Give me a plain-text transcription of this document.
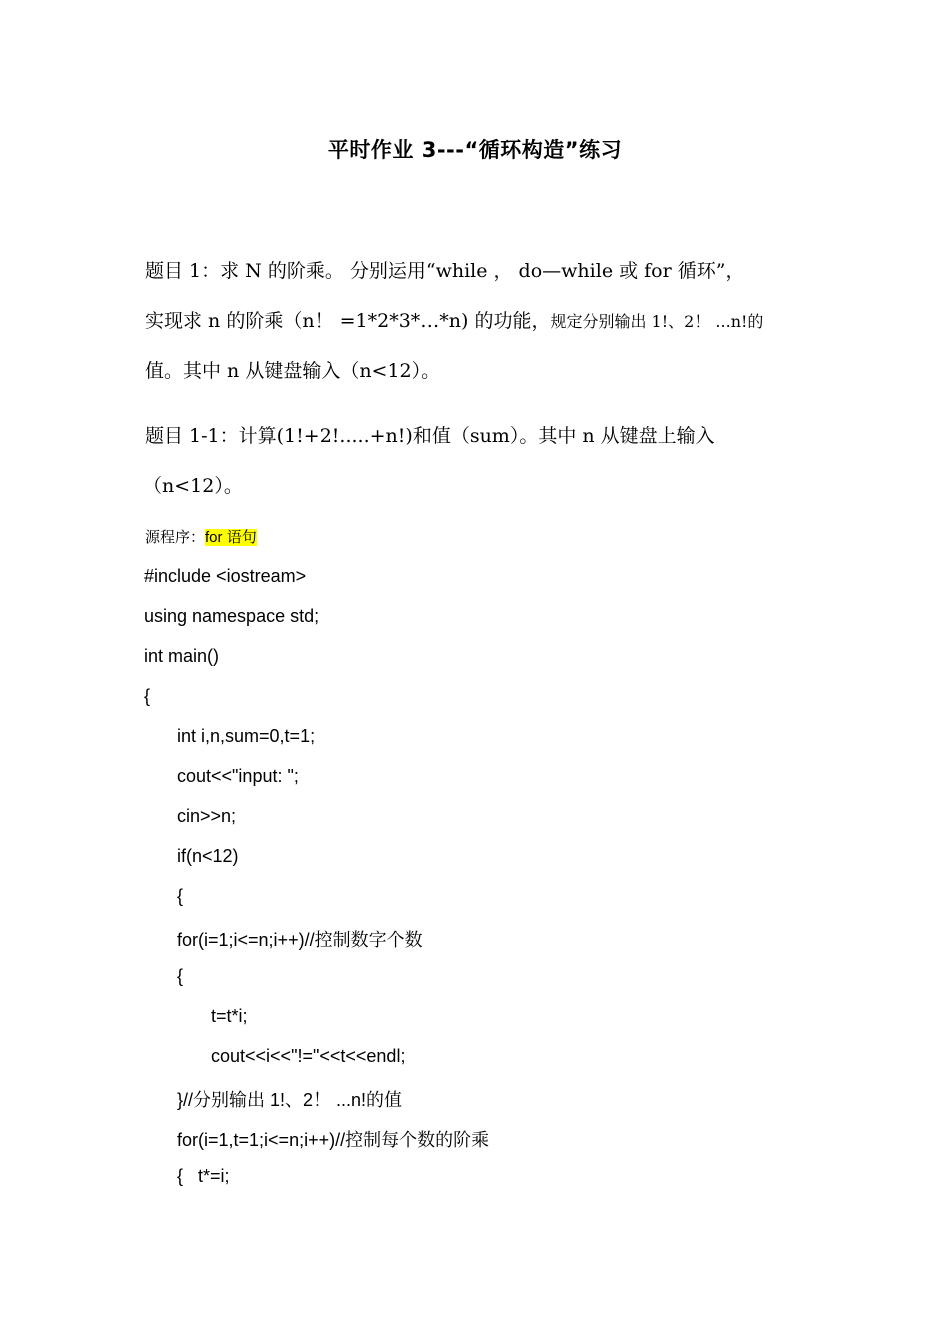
平时作业 3---“循环构造”练习
题目 1：求 N 的阶乘。 分别运用“while ， do—while 或 for 循环”，
实现求 n 的阶乘（n！ =1*2*3*…*n) 的功能，规定分别输出 1!、2！ ...n!的
值。其中 n 从键盘输入（n<12）。
题目 1-1：计算(1!+2!.....+n!)和值（sum）。其中 n 从键盘上输入
（n<12）。
源程序：for 语句
#include <iostream>
using namespace std;
int main()
{
int i,n,sum=0,t=1;
cout<<"input: ";
cin>>n;
if(n<12)
{
for(i=1;i<=n;i++)//控制数字个数
{
t=t*i;
cout<<i<<"!="<<t<<endl;
}//分别输出 1!、2！ ...n!的值
for(i=1,t=1;i<=n;i++)//控制每个数的阶乘
{   t*=i;
